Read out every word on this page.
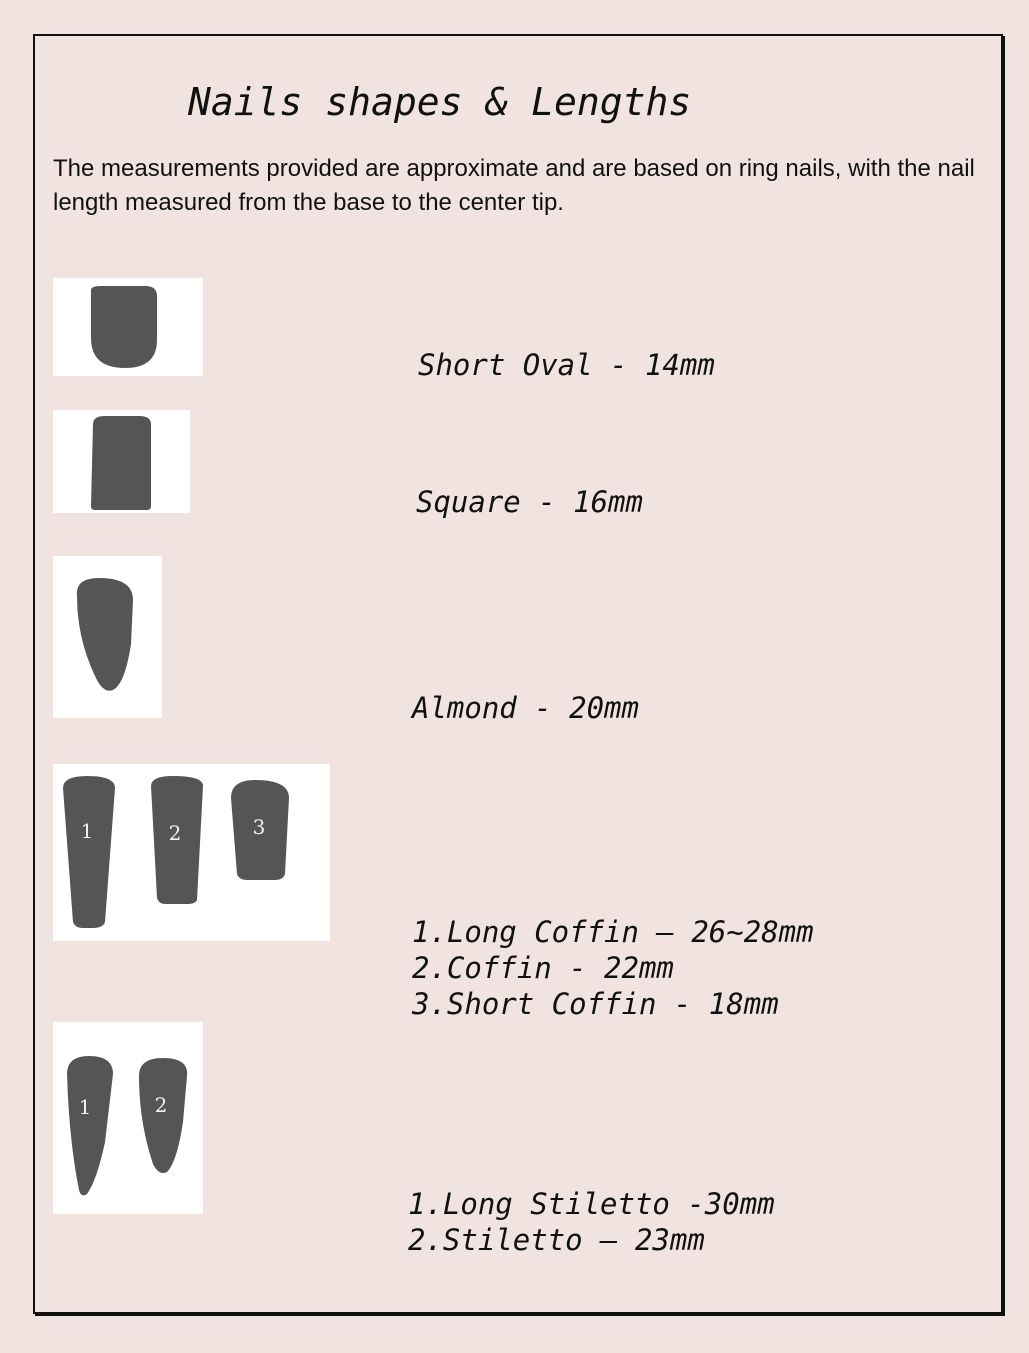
Nails shapes & Lengths

The measurements provided are approximate and are based on ring nails, with the nail length measured from the base to the center tip.

Short Oval - 14mm
Square - 16mm
Almond - 20mm
1	2	3
1.Long Coffin – 26~28mm
2.Coffin - 22mm
3.Short Coffin - 18mm
1	2
1.Long Stiletto -30mm
2.Stiletto – 23mm
